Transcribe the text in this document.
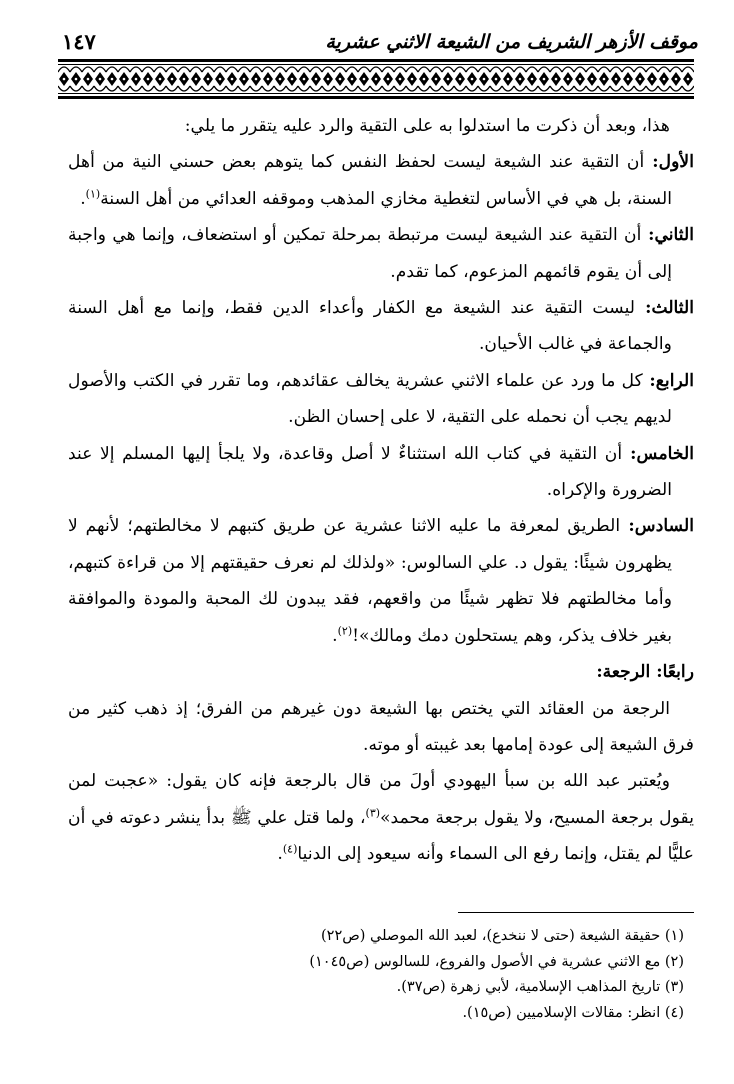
موقف الأزهر الشريف من الشيعة الاثني عشرية
١٤٧

هذا، وبعد أن ذكرت ما استدلوا به على التقية والرد عليه يتقرر ما يلي:

الأول: أن التقية عند الشيعة ليست لحفظ النفس كما يتوهم بعض حسني النية من أهل السنة، بل هي في الأساس لتغطية مخازي المذهب وموقفه العدائي من أهل السنة$^{(١)}$.

الثاني: أن التقية عند الشيعة ليست مرتبطة بمرحلة تمكين أو استضعاف، وإنما هي واجبة إلى أن يقوم قائمهم المزعوم، كما تقدم.

الثالث: ليست التقية عند الشيعة مع الكفار وأعداء الدين فقط، وإنما مع أهل السنة والجماعة في غالب الأحيان.

الرابع: كل ما ورد عن علماء الاثني عشرية يخالف عقائدهم، وما تقرر في الكتب والأصول لديهم يجب أن نحمله على التقية، لا على إحسان الظن.

الخامس: أن التقية في كتاب الله استثناءٌ لا أصل وقاعدة، ولا يلجأ إليها المسلم إلا عند الضرورة والإكراه.

السادس: الطريق لمعرفة ما عليه الاثنا عشرية عن طريق كتبهم لا مخالطتهم؛ لأنهم لا يظهرون شيئًا: يقول د. علي السالوس: «ولذلك لم نعرف حقيقتهم إلا من قراءة كتبهم، وأما مخالطتهم فلا تظهر شيئًا من واقعهم، فقد يبدون لك المحبة والمودة والموافقة بغير خلاف يذكر، وهم يستحلون دمك ومالك»!$^{(٢)}$.

رابعًا: الرجعة:

الرجعة من العقائد التي يختص بها الشيعة دون غيرهم من الفرق؛ إذ ذهب كثير من فرق الشيعة إلى عودة إمامها بعد غيبته أو موته.

ويُعتبر عبد الله بن سبأ اليهودي أولَ من قال بالرجعة فإنه كان يقول: «عجبت لمن يقول برجعة المسيح، ولا يقول برجعة محمد»$^{(٣)}$، ولما قتل علي ﷺ بدأ ينشر دعوته في أن عليًّا لم يقتل، وإنما رفع الى السماء وأنه سيعود إلى الدنيا$^{(٤)}$.

(١) حقيقة الشيعة (حتى لا ننخدع)، لعبد الله الموصلي (ص٢٢)

(٢) مع الاثني عشرية في الأصول والفروع، للسالوس (ص١٠٤٥)

(٣) تاريخ المذاهب الإسلامية، لأبي زهرة (ص٣٧).

(٤) انظر: مقالات الإسلاميين (ص١٥).
